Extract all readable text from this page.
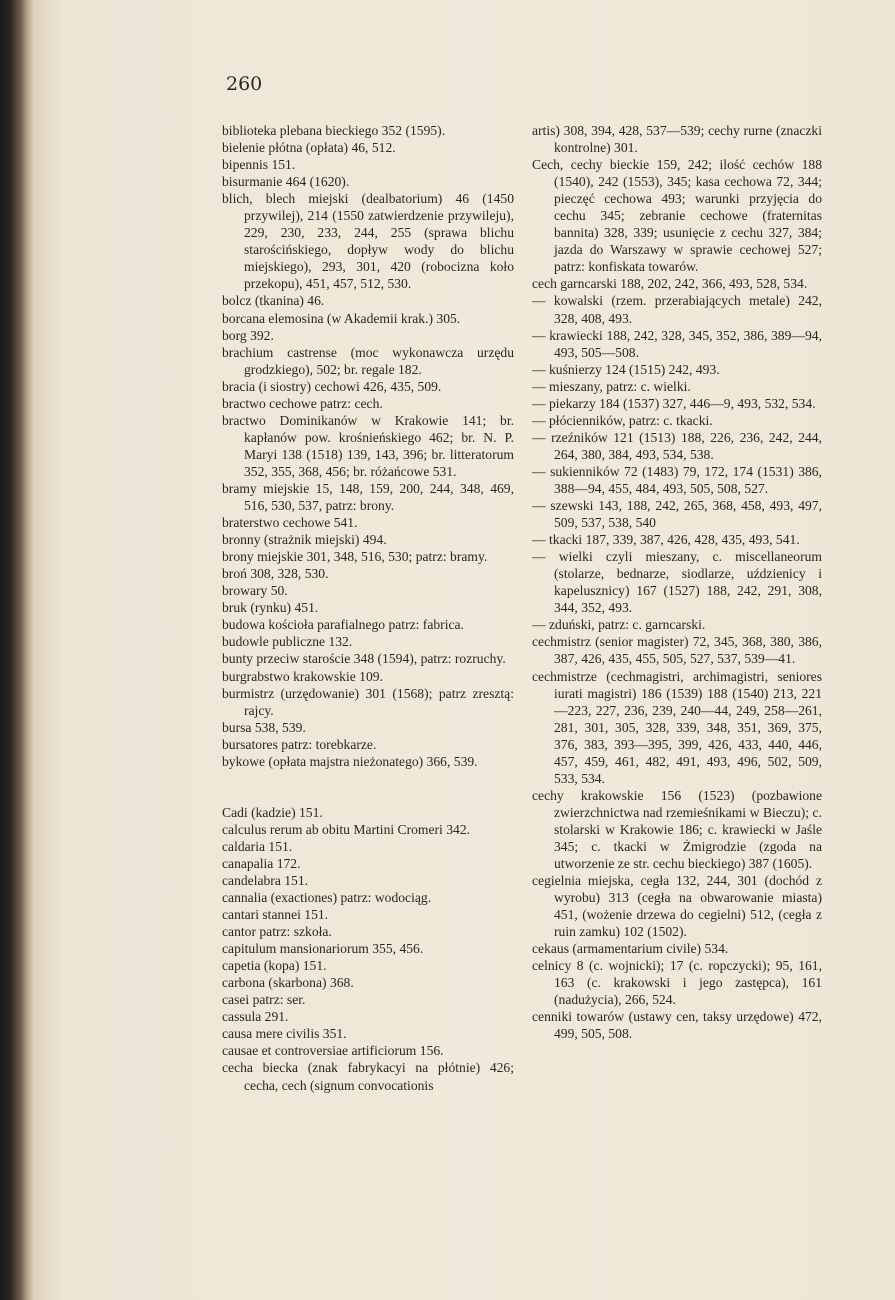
260

biblioteka plebana bieckiego 352 (1595).

bielenie płótna (opłata) 46, 512.

bipennis 151.

bisurmanie 464 (1620).

blich, blech miejski (dealbatorium) 46 (1450 przywilej), 214 (1550 zatwierdzenie przywileju), 229, 230, 233, 244, 255 (sprawa blichu starościńskiego, dopływ wody do blichu miejskiego), 293, 301, 420 (robocizna koło przekopu), 451, 457, 512, 530.

bolcz (tkanina) 46.

borcana elemosina (w Akademii krak.) 305.

borg 392.

brachium castrense (moc wykonawcza urzędu grodzkiego), 502; br. regale 182.

bracia (i siostry) cechowi 426, 435, 509.

bractwo cechowe patrz: cech.

bractwo Dominikanów w Krakowie 141; br. kapłanów pow. krośnieńskiego 462; br. N. P. Maryi 138 (1518) 139, 143, 396; br. litteratorum 352, 355, 368, 456; br. różańcowe 531.

bramy miejskie 15, 148, 159, 200, 244, 348, 469, 516, 530, 537, patrz: brony.

braterstwo cechowe 541.

bronny (strażnik miejski) 494.

brony miejskie 301, 348, 516, 530; patrz: bramy.

broń 308, 328, 530.

browary 50.

bruk (rynku) 451.

budowa kościoła parafialnego patrz: fabrica.

budowle publiczne 132.

bunty przeciw staroście 348 (1594), patrz: rozruchy.

burgrabstwo krakowskie 109.

burmistrz (urzędowanie) 301 (1568); patrz zresztą: rajcy.

bursa 538, 539.

bursatores patrz: torebkarze.

bykowe (opłata majstra nieżonatego) 366, 539.

Cadi (kadzie) 151.

calculus rerum ab obitu Martini Cromeri 342.

caldaria 151.

canapalia 172.

candelabra 151.

cannalia (exactiones) patrz: wodociąg.

cantari stannei 151.

cantor patrz: szkoła.

capitulum mansionariorum 355, 456.

capetia (kopa) 151.

carbona (skarbona) 368.

casei patrz: ser.

cassula 291.

causa mere civilis 351.

causae et controversiae artificiorum 156.

cecha biecka (znak fabrykacyi na płótnie) 426; cecha, cech (signum convocationis

artis) 308, 394, 428, 537—539; cechy rurne (znaczki kontrolne) 301.

Cech, cechy bieckie 159, 242; ilość cechów 188 (1540), 242 (1553), 345; kasa cechowa 72, 344; pieczęć cechowa 493; warunki przyjęcia do cechu 345; zebranie cechowe (fraternitas bannita) 328, 339; usunięcie z cechu 327, 384; jazda do Warszawy w sprawie cechowej 527; patrz: konfiskata towarów.

cech garncarski 188, 202, 242, 366, 493, 528, 534.

— kowalski (rzem. przerabiających metale) 242, 328, 408, 493.

— krawiecki 188, 242, 328, 345, 352, 386, 389—94, 493, 505—508.

— kuśnierzy 124 (1515) 242, 493.

— mieszany, patrz: c. wielki.

— piekarzy 184 (1537) 327, 446—9, 493, 532, 534.

— płócienników, patrz: c. tkacki.

— rzeźników 121 (1513) 188, 226, 236, 242, 244, 264, 380, 384, 493, 534, 538.

— sukienników 72 (1483) 79, 172, 174 (1531) 386, 388—94, 455, 484, 493, 505, 508, 527.

— szewski 143, 188, 242, 265, 368, 458, 493, 497, 509, 537, 538, 540

— tkacki 187, 339, 387, 426, 428, 435, 493, 541.

— wielki czyli mieszany, c. miscellaneorum (stolarze, bednarze, siodlarze, uździenicy i kapelusznicy) 167 (1527) 188, 242, 291, 308, 344, 352, 493.

— zduński, patrz: c. garncarski.

cechmistrz (senior magister) 72, 345, 368, 380, 386, 387, 426, 435, 455, 505, 527, 537, 539—41.

cechmistrze (cechmagistri, archimagistri, seniores iurati magistri) 186 (1539) 188 (1540) 213, 221—223, 227, 236, 239, 240—44, 249, 258—261, 281, 301, 305, 328, 339, 348, 351, 369, 375, 376, 383, 393—395, 399, 426, 433, 440, 446, 457, 459, 461, 482, 491, 493, 496, 502, 509, 533, 534.

cechy krakowskie 156 (1523) (pozbawione zwierzchnictwa nad rzemieśnikami w Bieczu); c. stolarski w Krakowie 186; c. krawiecki w Jaśle 345; c. tkacki w Żmigrodzie (zgoda na utworzenie ze str. cechu bieckiego) 387 (1605).

cegielnia miejska, cegła 132, 244, 301 (dochód z wyrobu) 313 (cegła na obwarowanie miasta) 451, (wożenie drzewa do cegielni) 512, (cegła z ruin zamku) 102 (1502).

cekaus (armamentarium civile) 534.

celnicy 8 (c. wojnicki); 17 (c. ropczycki); 95, 161, 163 (c. krakowski i jego zastępca), 161 (nadużycia), 266, 524.

cenniki towarów (ustawy cen, taksy urzędowe) 472, 499, 505, 508.
